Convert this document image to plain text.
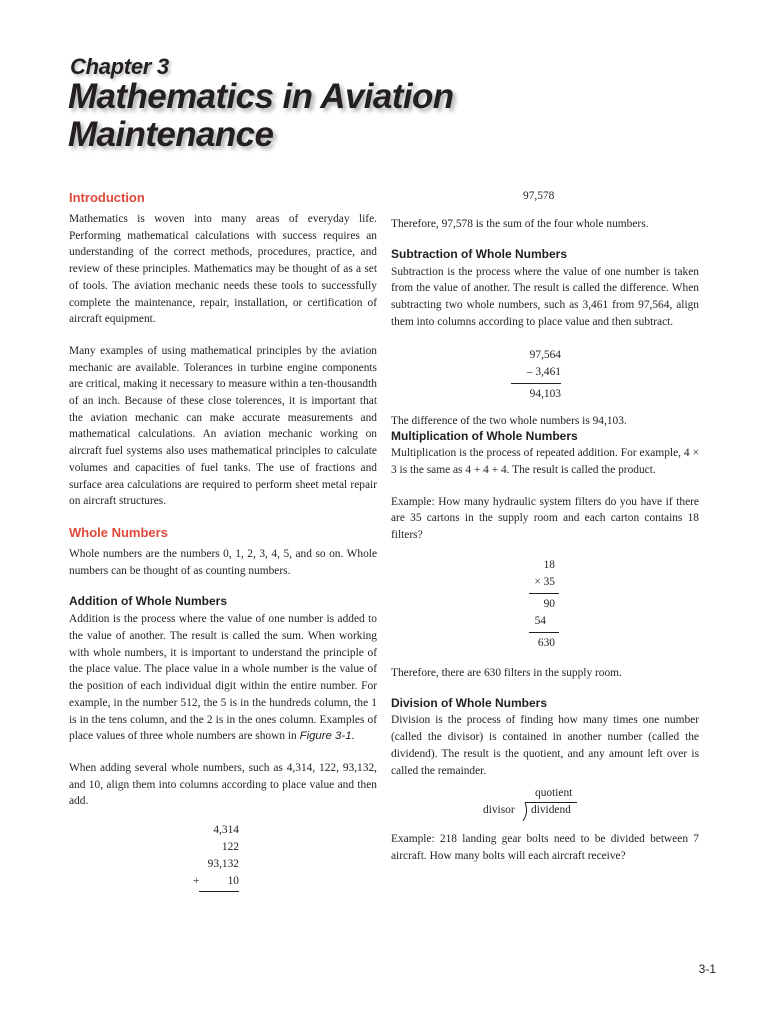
Chapter 3
Mathematics in Aviation
Maintenance
Introduction

Mathematics is woven into many areas of everyday life. Performing mathematical calculations with success requires an understanding of the correct methods, procedures, practice, and review of these principles. Mathematics may be thought of as a set of tools. The aviation mechanic needs these tools to successfully complete the maintenance, repair, installation, or certification of aircraft equipment.

Many examples of using mathematical principles by the aviation mechanic are available. Tolerances in turbine engine components are critical, making it necessary to measure within a ten-thousandth of an inch. Because of these close tolerences, it is important that the aviation mechanic can make accurate measurements and mathematical calculations. An aviation mechanic working on aircraft fuel systems also uses mathematical principles to calculate volumes and capacities of fuel tanks. The use of fractions and surface area calculations are required to perform sheet metal repair on aircraft structures.

Whole Numbers

Whole numbers are the numbers 0, 1, 2, 3, 4, 5, and so on. Whole numbers can be thought of as counting numbers.

Addition of Whole Numbers

Addition is the process where the value of one number is added to the value of another. The result is called the sum. When working with whole numbers, it is important to understand the principle of the place value. The place value in a whole number is the value of the position of each individual digit within the entire number. For example, in the number 512, the 5 is in the hundreds column, the 1 is in the tens column, and the 2 is in the ones column. Examples of place values of three whole numbers are shown in Figure 3-1.

When adding several whole numbers, such as 4,314, 122, 93,132, and 10, align them into columns according to place value and then add.

4,314
122
93,132
+ 10
97,578

Therefore, 97,578 is the sum of the four whole numbers.

Subtraction of Whole Numbers

Subtraction is the process where the value of one number is taken from the value of another. The result is called the difference. When subtracting two whole numbers, such as 3,461 from 97,564, align them into columns according to place value and then subtract.

97,564
– 3,461
94,103

The difference of the two whole numbers is 94,103.

Multiplication of Whole Numbers

Multiplication is the process of repeated addition. For example, 4 × 3 is the same as 4 + 4 + 4. The result is called the product.

Example: How many hydraulic system filters do you have if there are 35 cartons in the supply room and each carton contains 18 filters?

18
× 35
90
54
630

Therefore, there are 630 filters in the supply room.

Division of Whole Numbers

Division is the process of finding how many times one number (called the divisor) is contained in another number (called the dividend). The result is the quotient, and any amount left over is called the remainder.

quotient
divisor dividend

Example: 218 landing gear bolts need to be divided between 7 aircraft. How many bolts will each aircraft receive?

3-1
